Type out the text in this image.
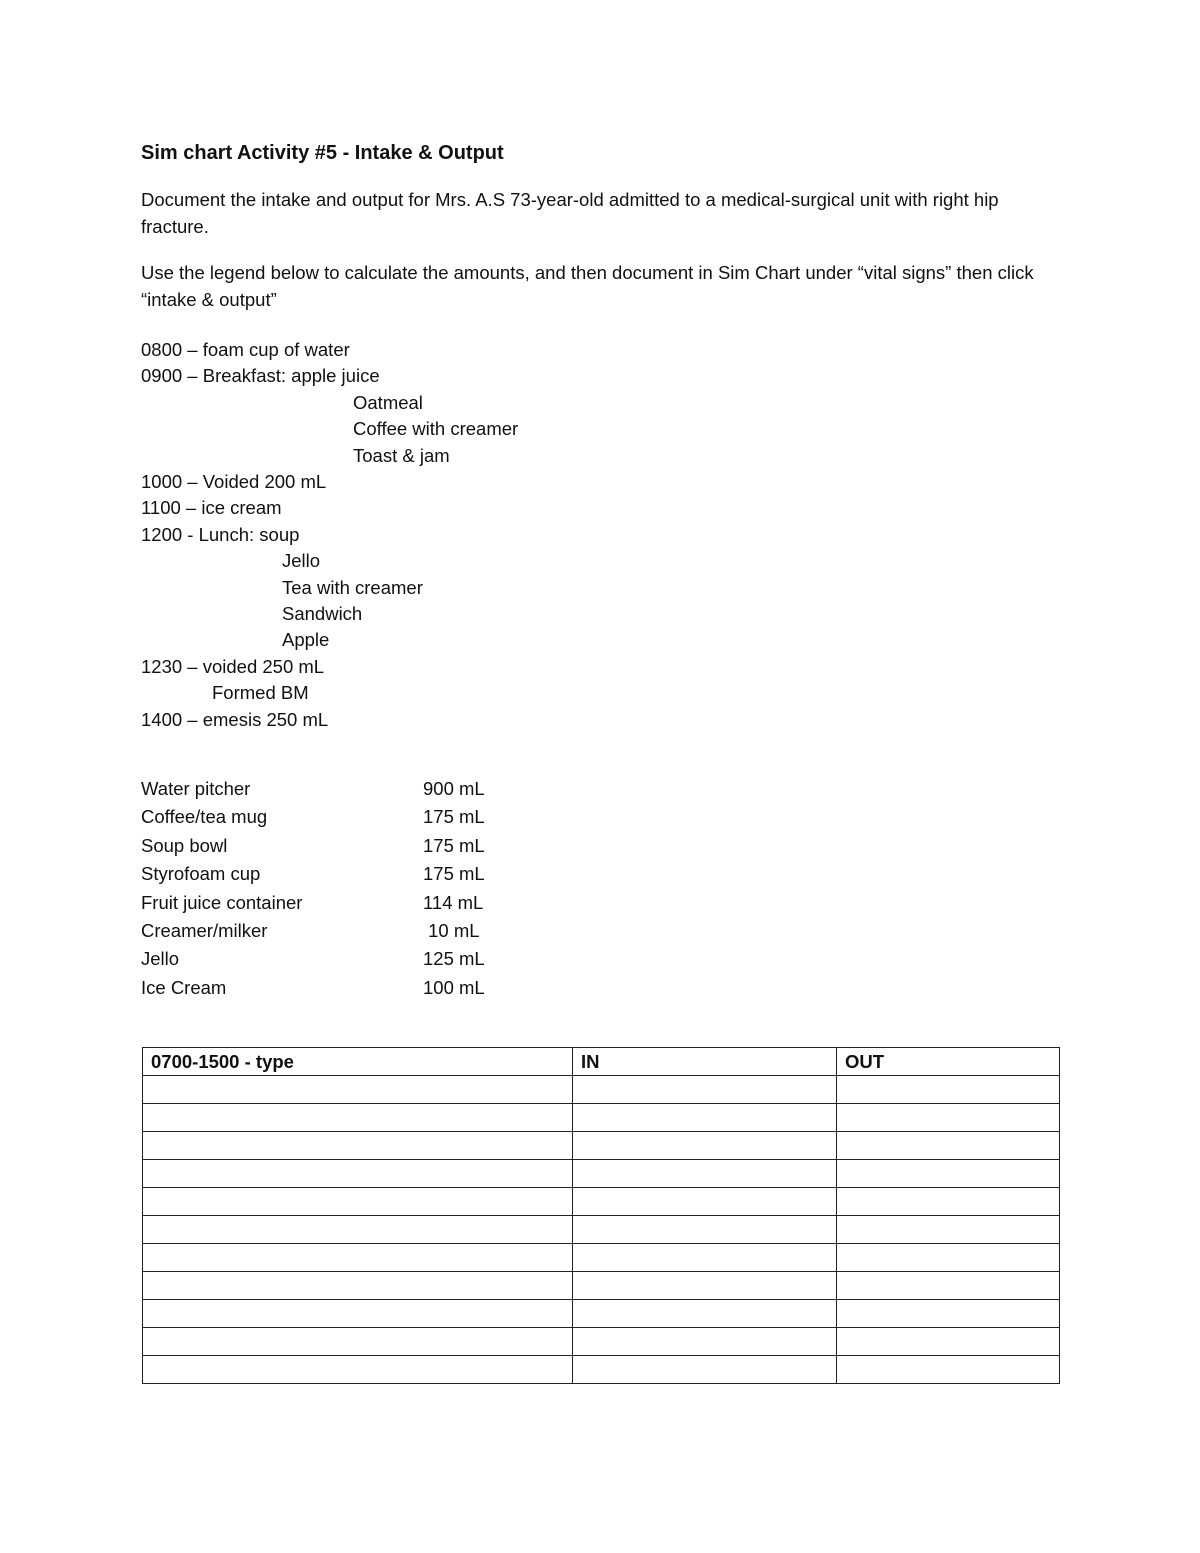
Sim chart Activity #5 - Intake & Output
Document the intake and output for Mrs. A.S 73-year-old admitted to a medical-surgical unit with right hip fracture.
Use the legend below to calculate the amounts, and then document in Sim Chart under “vital signs” then click “intake & output”
0800 – foam cup of water
0900 – Breakfast: apple juice
Oatmeal
Coffee with creamer
Toast & jam
1000 – Voided 200 mL
1100 – ice cream
1200 - Lunch: soup
Jello
Tea with creamer
Sandwich
Apple
1230 – voided 250 mL
Formed BM
1400 – emesis 250 mL
Water pitcher	900 mL
Coffee/tea mug	175 mL
Soup bowl	175 mL
Styrofoam cup	175 mL
Fruit juice container	114 mL
Creamer/milker	10 mL
Jello	125 mL
Ice Cream	100 mL
0700-1500 - type	IN	OUT
